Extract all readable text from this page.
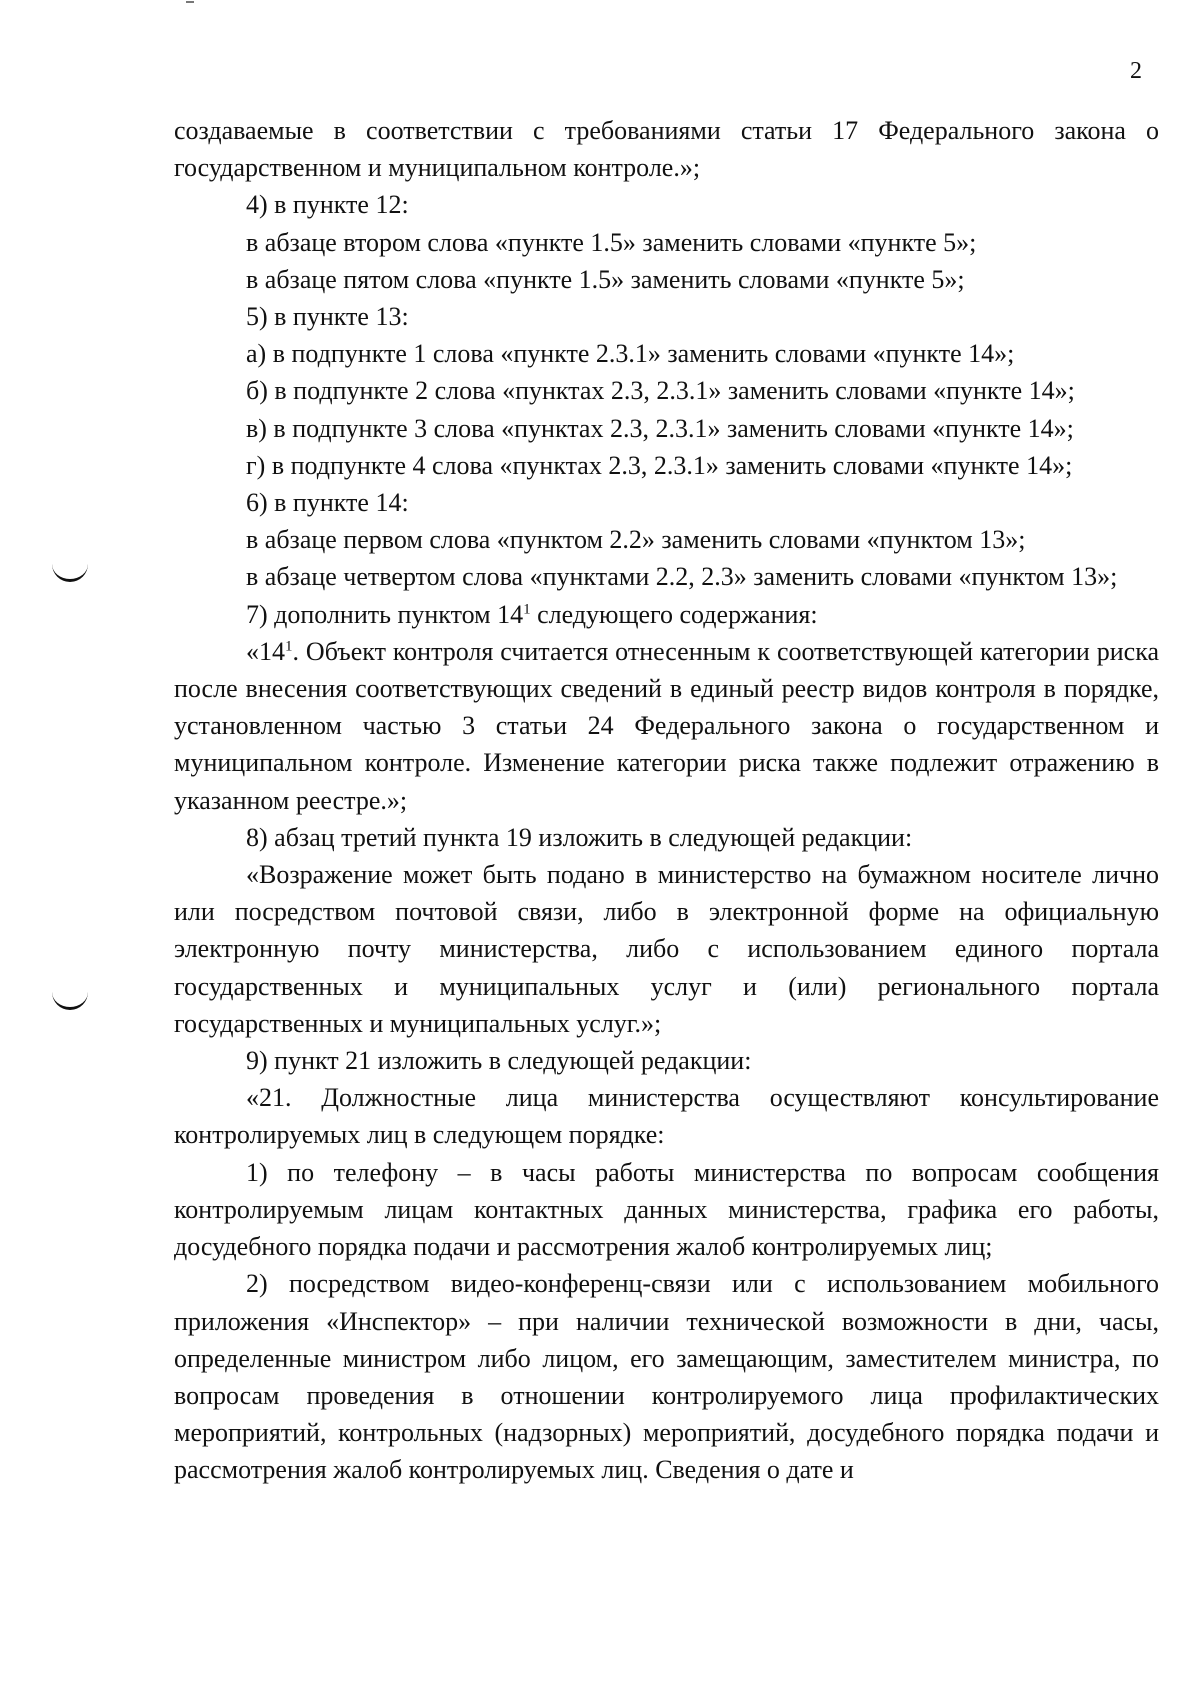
2

создаваемые в соответствии с требованиями статьи 17 Федерального закона о государственном и муниципальном контроле.»;

4) в пункте 12:

в абзаце втором слова «пункте 1.5» заменить словами «пункте 5»;

в абзаце пятом слова «пункте 1.5» заменить словами «пункте 5»;

5) в пункте 13:

а) в подпункте 1 слова «пункте 2.3.1» заменить словами «пункте 14»;

б) в подпункте 2 слова «пунктах 2.3, 2.3.1» заменить словами «пункте 14»;

в) в подпункте 3 слова «пунктах 2.3, 2.3.1» заменить словами «пункте 14»;

г) в подпункте 4 слова «пунктах 2.3, 2.3.1» заменить словами «пункте 14»;

6) в пункте 14:

в абзаце первом слова «пунктом 2.2» заменить словами «пунктом 13»;

в абзаце четвертом слова «пунктами 2.2, 2.3» заменить словами «пунктом 13»;

7) дополнить пунктом $14^1$ следующего содержания:

«$14^1$. Объект контроля считается отнесенным к соответствующей категории риска после внесения соответствующих сведений в единый реестр видов контроля в порядке, установленном частью 3 статьи 24 Федерального закона о государственном и муниципальном контроле. Изменение категории риска также подлежит отражению в указанном реестре.»;

8) абзац третий пункта 19 изложить в следующей редакции:

«Возражение может быть подано в министерство на бумажном носителе лично или посредством почтовой связи, либо в электронной форме на официальную электронную почту министерства, либо с использованием единого портала государственных и муниципальных услуг и (или) регионального портала государственных и муниципальных услуг.»;

9) пункт 21 изложить в следующей редакции:

«21. Должностные лица министерства осуществляют консультирование контролируемых лиц в следующем порядке:

1) по телефону – в часы работы министерства по вопросам сообщения контролируемым лицам контактных данных министерства, графика его работы, досудебного порядка подачи и рассмотрения жалоб контролируемых лиц;

2) посредством видео-конференц-связи или с использованием мобильного приложения «Инспектор» – при наличии технической возможности в дни, часы, определенные министром либо лицом, его замещающим, заместителем министра, по вопросам проведения в отношении контролируемого лица профилактических мероприятий, контрольных (надзорных) мероприятий, досудебного порядка подачи и рассмотрения жалоб контролируемых лиц. Сведения о дате и
